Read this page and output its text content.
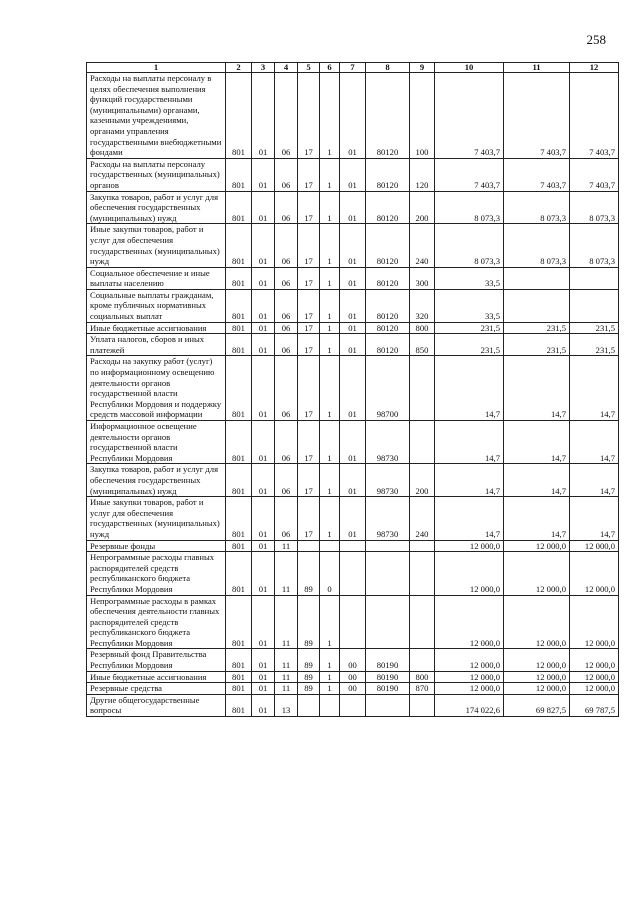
258
1	2	3	4	5	6	7	8	9	10	11	12
Расходы на выплаты персоналу в целях обеспечения выполнения функций государственными (муниципальными) органами, казенными учреждениями, органами управления государственными внебюджетными фондами	801	01	06	17	1	01	80120	100	7 403,7	7 403,7	7 403,7
Расходы на выплаты персоналу государственных (муниципальных) органов	801	01	06	17	1	01	80120	120	7 403,7	7 403,7	7 403,7
Закупка товаров, работ и услуг для обеспечения государственных (муниципальных) нужд	801	01	06	17	1	01	80120	200	8 073,3	8 073,3	8 073,3
Иные закупки товаров, работ и услуг для обеспечения государственных (муниципальных) нужд	801	01	06	17	1	01	80120	240	8 073,3	8 073,3	8 073,3
Социальное обеспечение и иные выплаты населению	801	01	06	17	1	01	80120	300	33,5		
Социальные выплаты гражданам, кроме публичных нормативных социальных выплат	801	01	06	17	1	01	80120	320	33,5		
Иные бюджетные ассигнования	801	01	06	17	1	01	80120	800	231,5	231,5	231,5
Уплата налогов, сборов и иных платежей	801	01	06	17	1	01	80120	850	231,5	231,5	231,5
Расходы на закупку работ (услуг) по информационному освещению деятельности органов государственной власти Республики Мордовия и поддержку средств массовой информации	801	01	06	17	1	01	98700		14,7	14,7	14,7
Информационное освещение деятельности органов государственной власти Республики Мордовия	801	01	06	17	1	01	98730		14,7	14,7	14,7
Закупка товаров, работ и услуг для обеспечения государственных (муниципальных) нужд	801	01	06	17	1	01	98730	200	14,7	14,7	14,7
Иные закупки товаров, работ и услуг для обеспечения государственных (муниципальных) нужд	801	01	06	17	1	01	98730	240	14,7	14,7	14,7
Резервные фонды	801	01	11						12 000,0	12 000,0	12 000,0
Непрограммные расходы главных распорядителей средств республиканского бюджета Республики Мордовия	801	01	11	89	0				12 000,0	12 000,0	12 000,0
Непрограммные расходы в рамках обеспечения деятельности главных распорядителей средств республиканского бюджета Республики Мордовия	801	01	11	89	1				12 000,0	12 000,0	12 000,0
Резервный фонд Правительства Республики Мордовия	801	01	11	89	1	00	80190		12 000,0	12 000,0	12 000,0
Иные бюджетные ассигнования	801	01	11	89	1	00	80190	800	12 000,0	12 000,0	12 000,0
Резервные средства	801	01	11	89	1	00	80190	870	12 000,0	12 000,0	12 000,0
Другие общегосударственные вопросы	801	01	13						174 022,6	69 827,5	69 787,5
